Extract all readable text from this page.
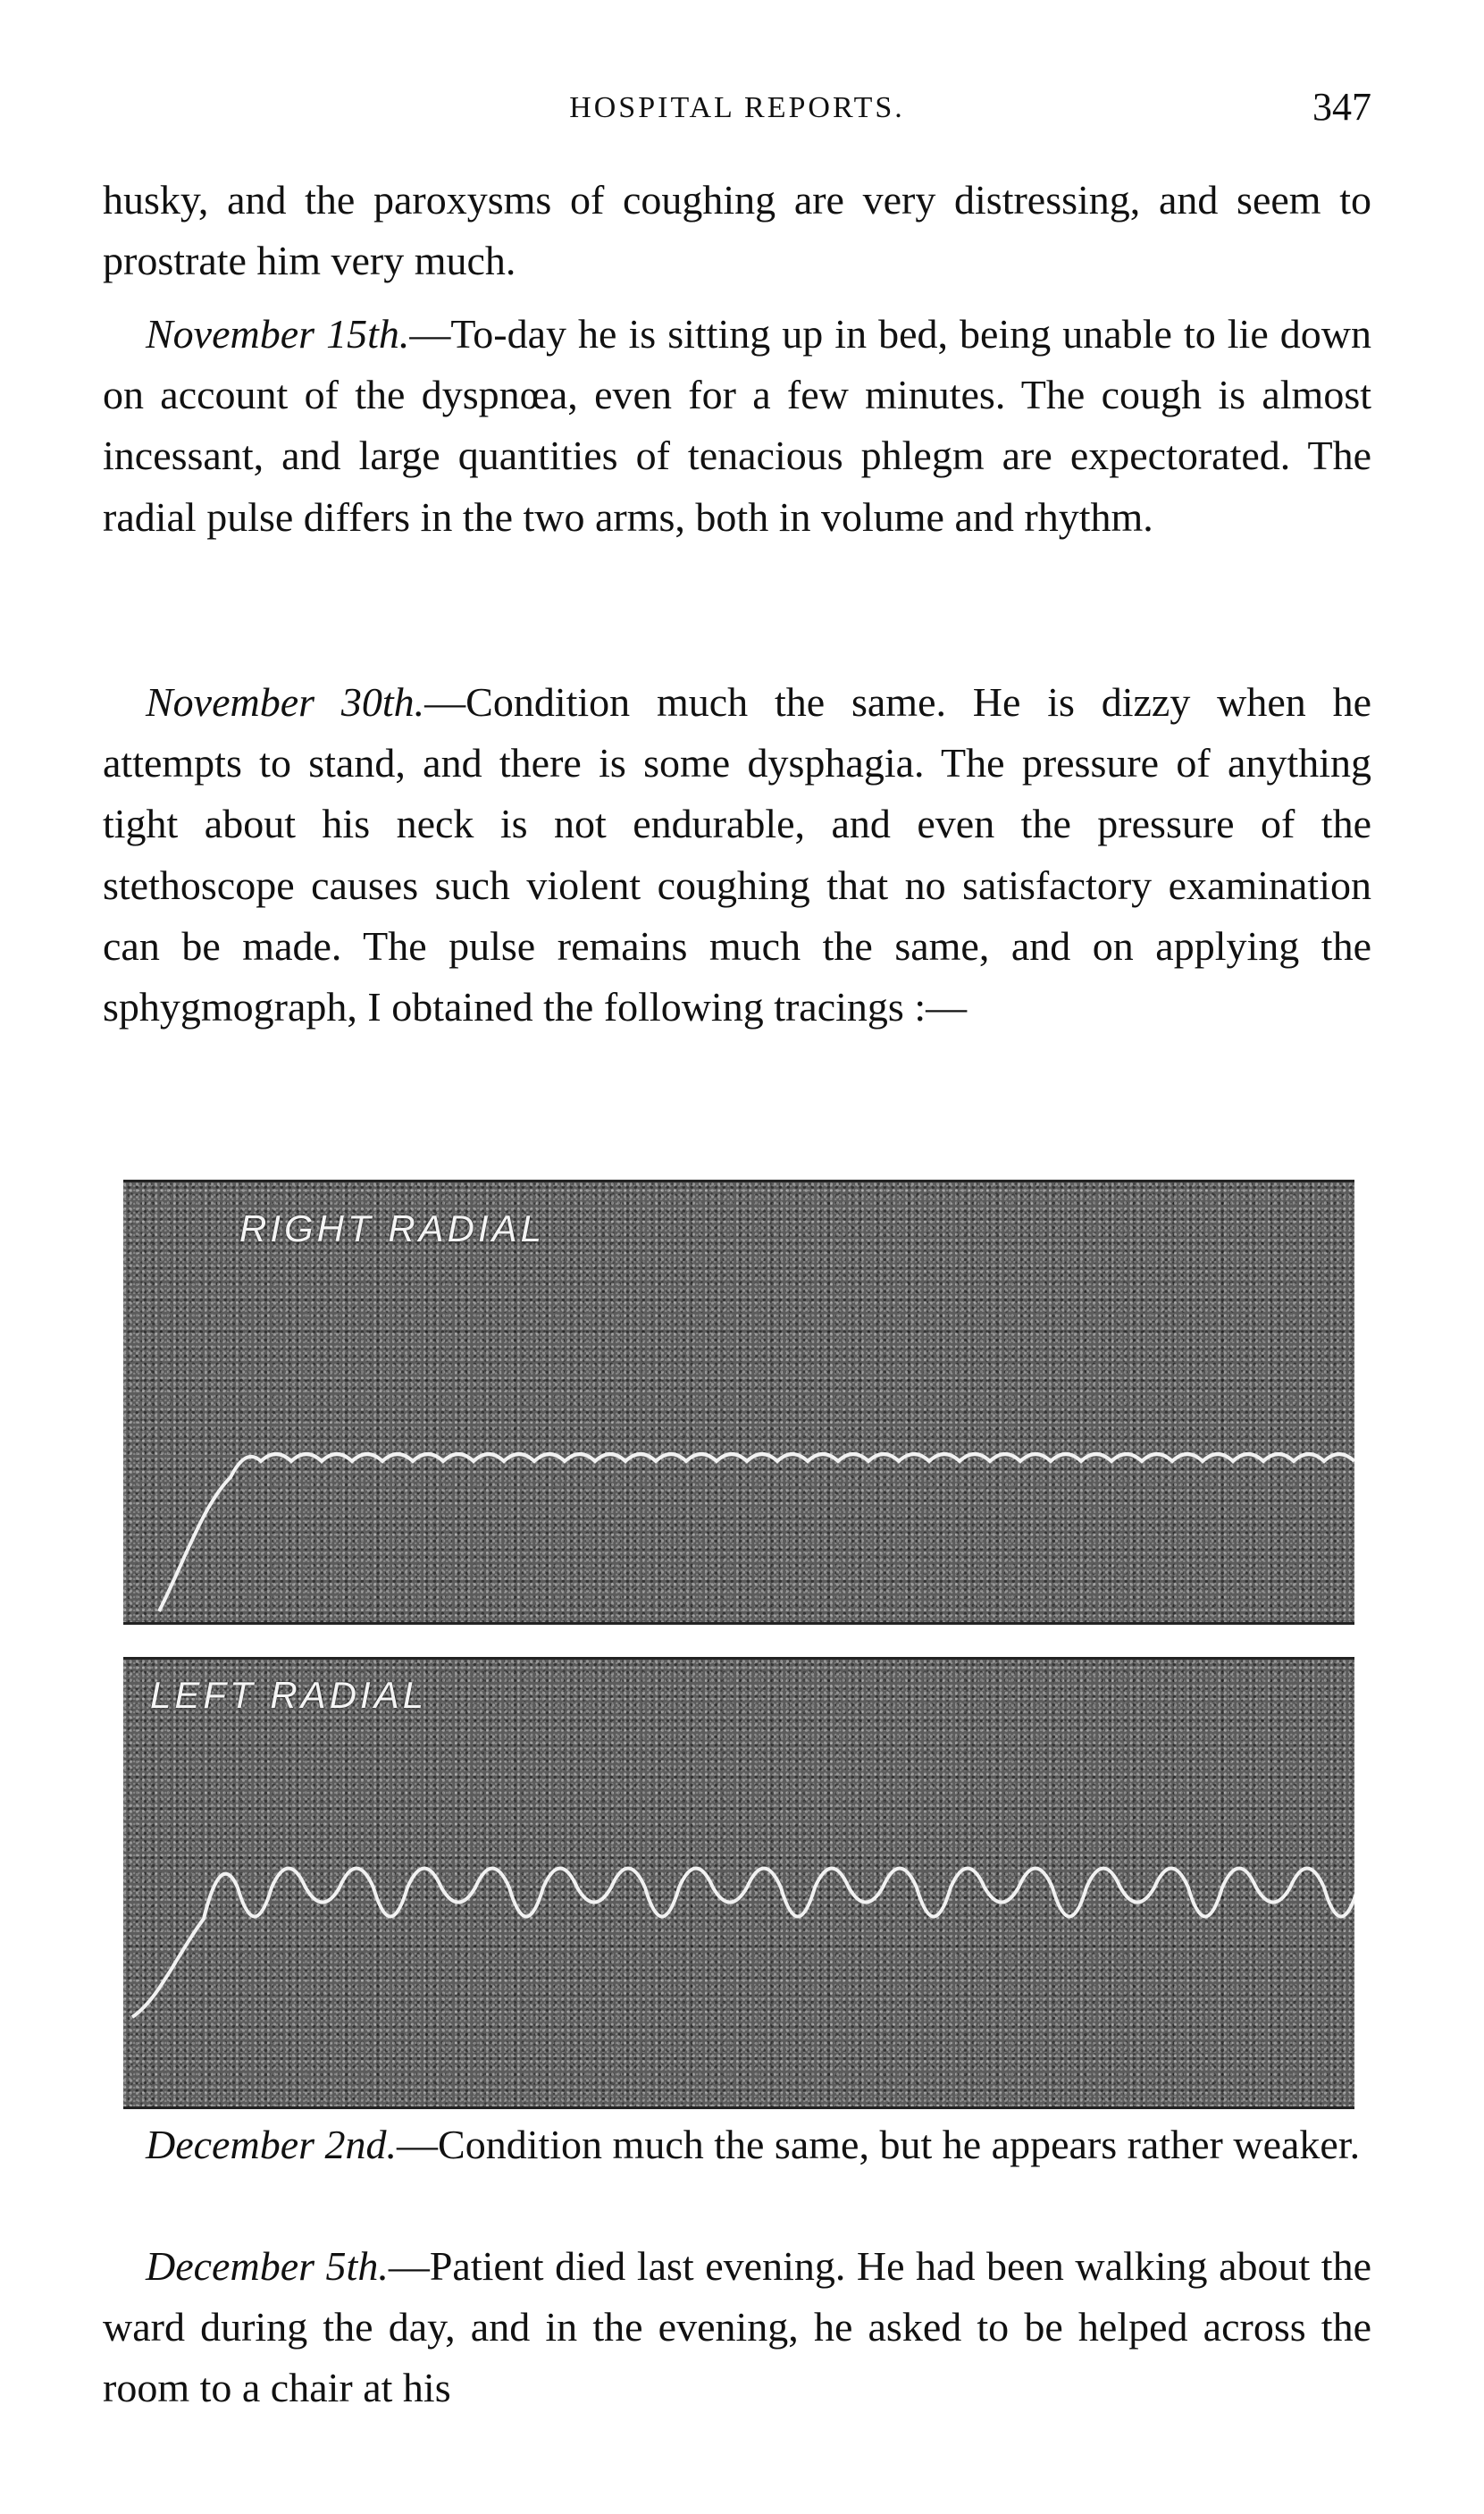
HOSPITAL REPORTS.	347

husky, and the paroxysms of coughing are very distressing, and seem to prostrate him very much.

November 15th.—To-day he is sitting up in bed, being unable to lie down on account of the dyspnœa, even for a few minutes. The cough is almost incessant, and large quantities of tenacious phlegm are expectorated. The radial pulse differs in the two arms, both in volume and rhythm.

November 30th.—Condition much the same. He is dizzy when he attempts to stand, and there is some dysphagia. The pressure of anything tight about his neck is not endurable, and even the pressure of the stethoscope causes such violent coughing that no satisfactory examination can be made. The pulse remains much the same, and on applying the sphygmograph, I obtained the following tracings :—

RIGHT RADIAL
LEFT RADIAL

December 2nd.—Condition much the same, but he appears rather weaker.

December 5th.—Patient died last evening. He had been walking about the ward during the day, and in the evening, he asked to be helped across the room to a chair at his
